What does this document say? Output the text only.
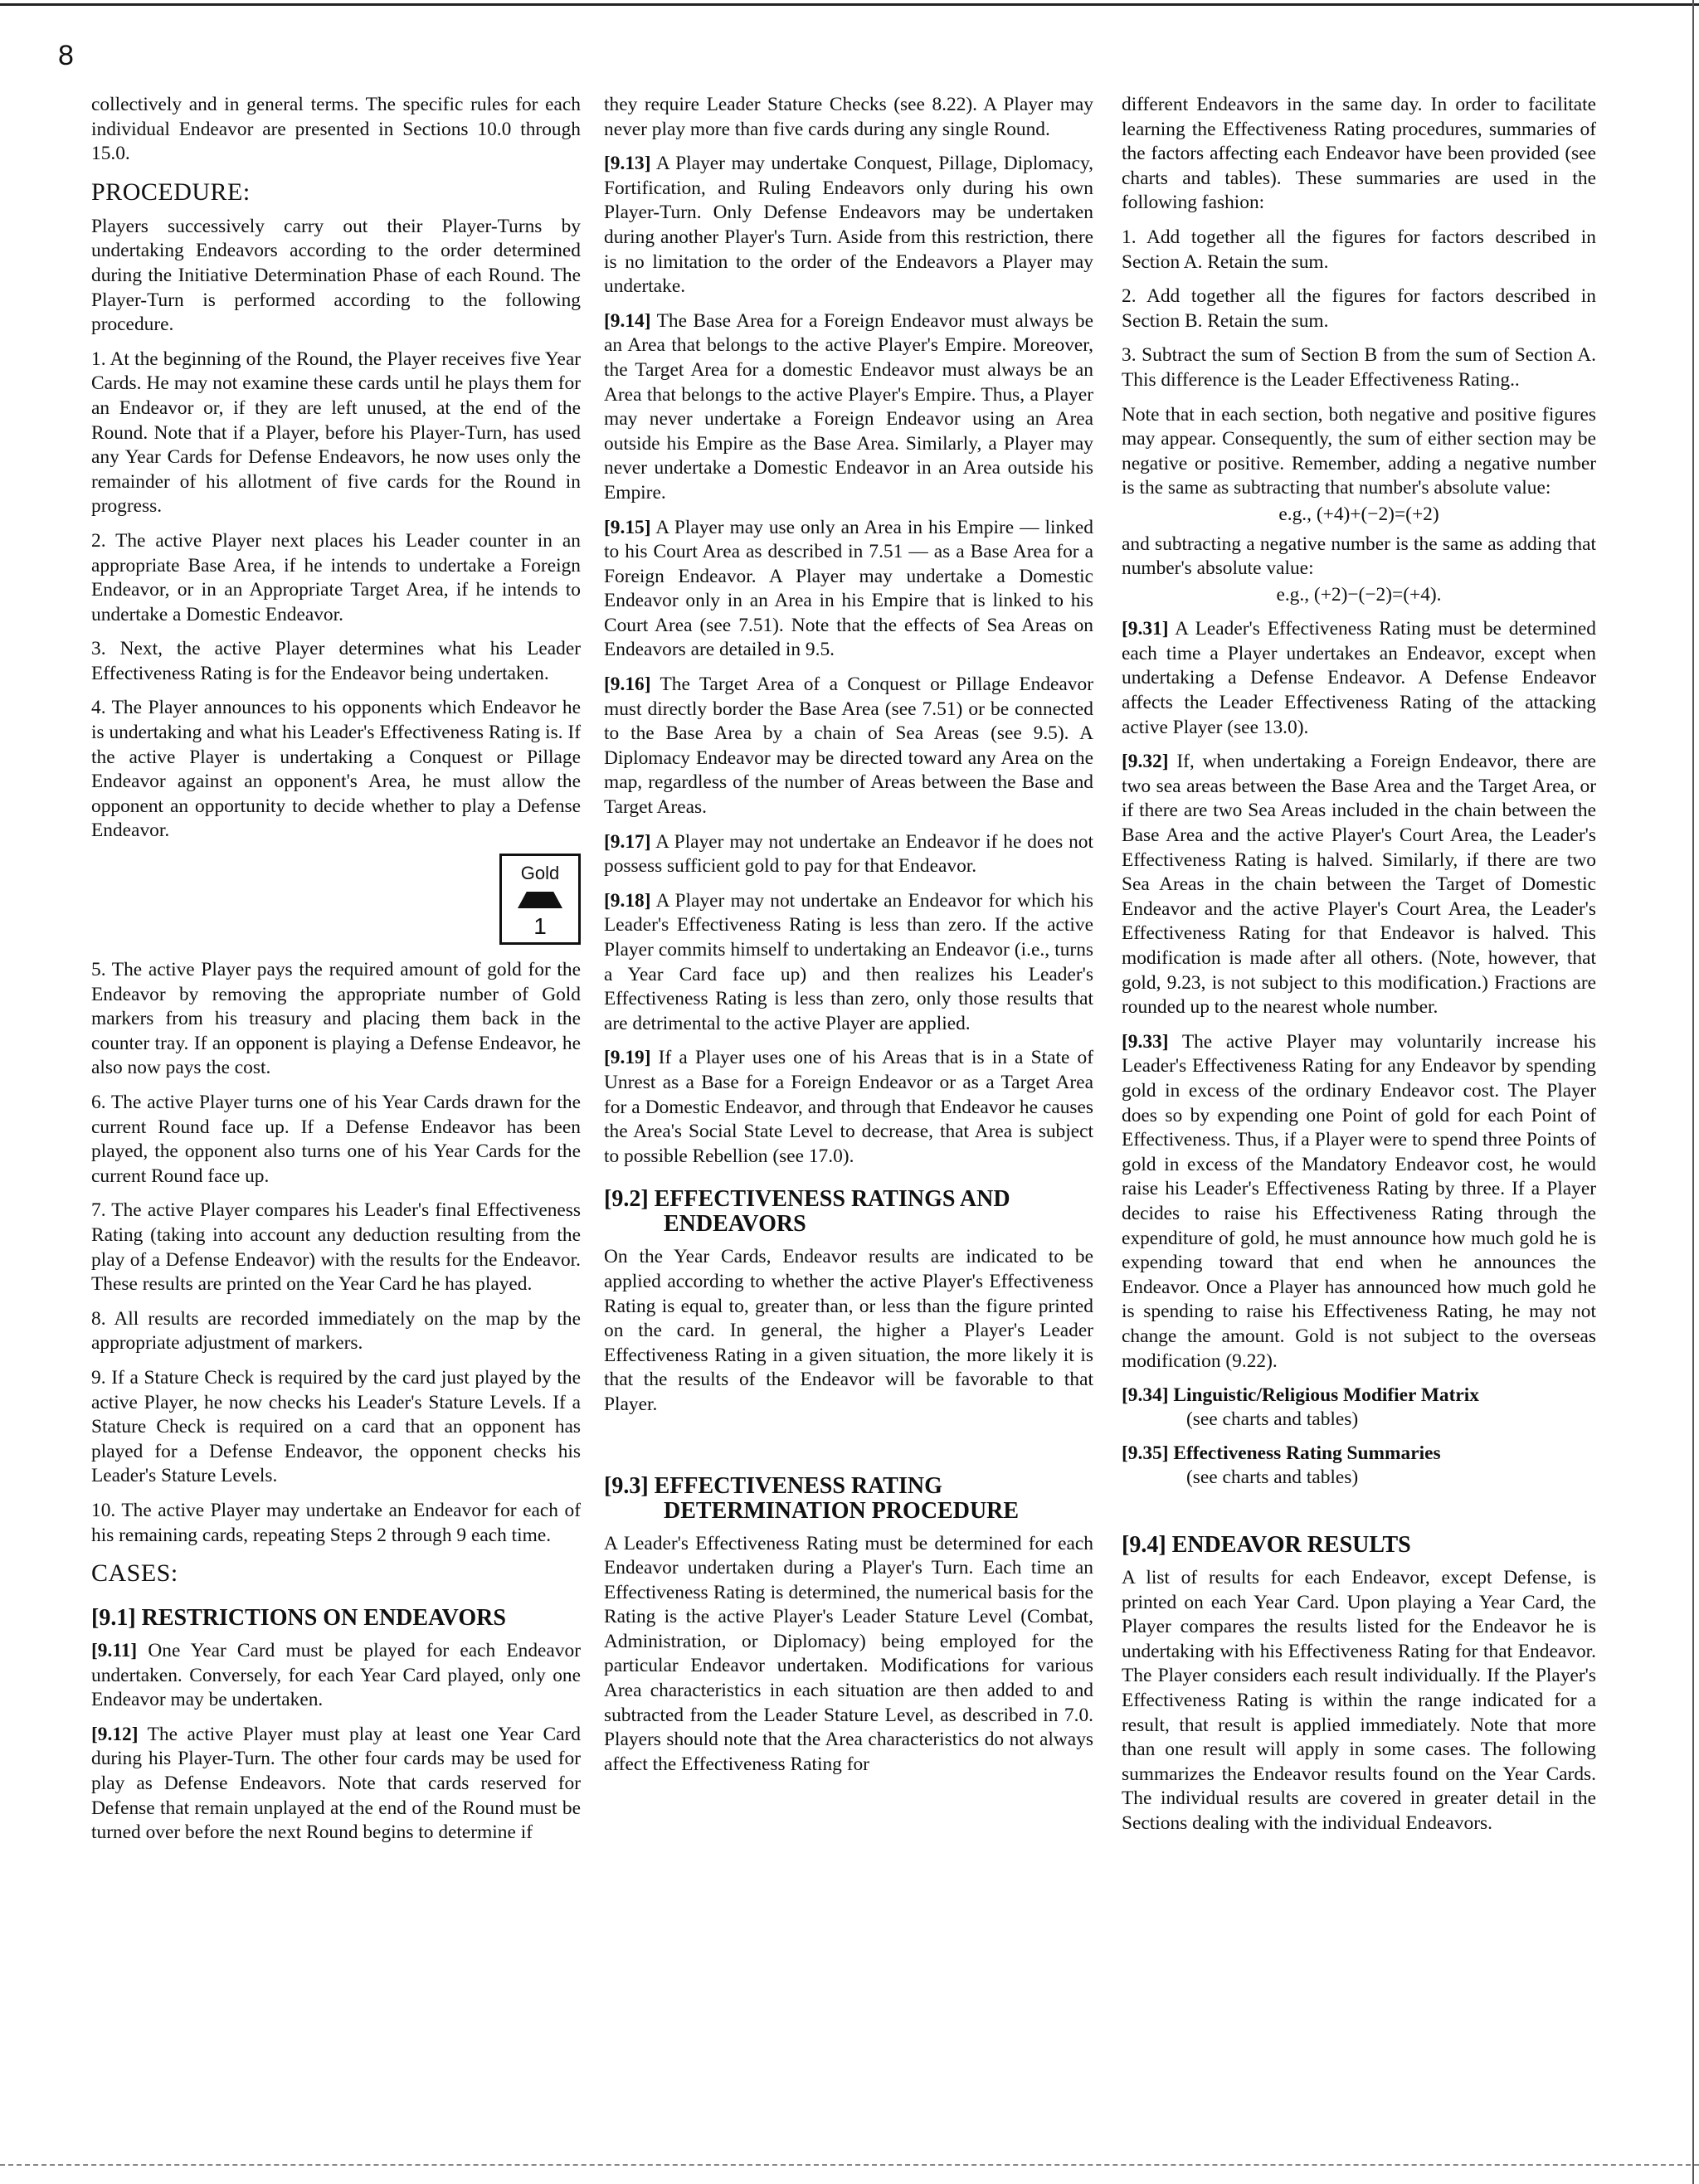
8

collectively and in general terms. The specific rules for each individual Endeavor are presented in Sections 10.0 through 15.0.

PROCEDURE:

Players successively carry out their Player-Turns by undertaking Endeavors according to the order determined during the Initiative Determination Phase of each Round. The Player-Turn is performed according to the following procedure.

1. At the beginning of the Round, the Player receives five Year Cards. He may not examine these cards until he plays them for an Endeavor or, if they are left unused, at the end of the Round. Note that if a Player, before his Player-Turn, has used any Year Cards for Defense Endeavors, he now uses only the remainder of his allotment of five cards for the Round in progress.

2. The active Player next places his Leader counter in an appropriate Base Area, if he intends to undertake a Foreign Endeavor, or in an Appropriate Target Area, if he intends to undertake a Domestic Endeavor.

3. Next, the active Player determines what his Leader Effectiveness Rating is for the Endeavor being undertaken.

4. The Player announces to his opponents which Endeavor he is undertaking and what his Leader's Effectiveness Rating is. If the active Player is undertaking a Conquest or Pillage Endeavor against an opponent's Area, he must allow the opponent an opportunity to decide whether to play a Defense Endeavor.

Gold
1

5. The active Player pays the required amount of gold for the Endeavor by removing the appropriate number of Gold markers from his treasury and placing them back in the counter tray. If an opponent is playing a Defense Endeavor, he also now pays the cost.

6. The active Player turns one of his Year Cards drawn for the current Round face up. If a Defense Endeavor has been played, the opponent also turns one of his Year Cards for the current Round face up.

7. The active Player compares his Leader's final Effectiveness Rating (taking into account any deduction resulting from the play of a Defense Endeavor) with the results for the Endeavor. These results are printed on the Year Card he has played.

8. All results are recorded immediately on the map by the appropriate adjustment of markers.

9. If a Stature Check is required by the card just played by the active Player, he now checks his Leader's Stature Levels. If a Stature Check is required on a card that an opponent has played for a Defense Endeavor, the opponent checks his Leader's Stature Levels.

10. The active Player may undertake an Endeavor for each of his remaining cards, repeating Steps 2 through 9 each time.

CASES:
[9.1] RESTRICTIONS ON ENDEAVORS

[9.11] One Year Card must be played for each Endeavor undertaken. Conversely, for each Year Card played, only one Endeavor may be undertaken.

[9.12] The active Player must play at least one Year Card during his Player-Turn. The other four cards may be used for play as Defense Endeavors. Note that cards reserved for Defense that remain unplayed at the end of the Round must be turned over before the next Round begins to determine if

they require Leader Stature Checks (see 8.22). A Player may never play more than five cards during any single Round.

[9.13] A Player may undertake Conquest, Pillage, Diplomacy, Fortification, and Ruling Endeavors only during his own Player-Turn. Only Defense Endeavors may be undertaken during another Player's Turn. Aside from this restriction, there is no limitation to the order of the Endeavors a Player may undertake.

[9.14] The Base Area for a Foreign Endeavor must always be an Area that belongs to the active Player's Empire. Moreover, the Target Area for a domestic Endeavor must always be an Area that belongs to the active Player's Empire. Thus, a Player may never undertake a Foreign Endeavor using an Area outside his Empire as the Base Area. Similarly, a Player may never undertake a Domestic Endeavor in an Area outside his Empire.

[9.15] A Player may use only an Area in his Empire — linked to his Court Area as described in 7.51 — as a Base Area for a Foreign Endeavor. A Player may undertake a Domestic Endeavor only in an Area in his Empire that is linked to his Court Area (see 7.51). Note that the effects of Sea Areas on Endeavors are detailed in 9.5.

[9.16] The Target Area of a Conquest or Pillage Endeavor must directly border the Base Area (see 7.51) or be connected to the Base Area by a chain of Sea Areas (see 9.5). A Diplomacy Endeavor may be directed toward any Area on the map, regardless of the number of Areas between the Base and Target Areas.

[9.17] A Player may not undertake an Endeavor if he does not possess sufficient gold to pay for that Endeavor.

[9.18] A Player may not undertake an Endeavor for which his Leader's Effectiveness Rating is less than zero. If the active Player commits himself to undertaking an Endeavor (i.e., turns a Year Card face up) and then realizes his Leader's Effectiveness Rating is less than zero, only those results that are detrimental to the active Player are applied.

[9.19] If a Player uses one of his Areas that is in a State of Unrest as a Base for a Foreign Endeavor or as a Target Area for a Domestic Endeavor, and through that Endeavor he causes the Area's Social State Level to decrease, that Area is subject to possible Rebellion (see 17.0).

[9.2] EFFECTIVENESS RATINGS AND ENDEAVORS

On the Year Cards, Endeavor results are indicated to be applied according to whether the active Player's Effectiveness Rating is equal to, greater than, or less than the figure printed on the card. In general, the higher a Player's Leader Effectiveness Rating in a given situation, the more likely it is that the results of the Endeavor will be favorable to that Player.

[9.3] EFFECTIVENESS RATING DETERMINATION PROCEDURE

A Leader's Effectiveness Rating must be determined for each Endeavor undertaken during a Player's Turn. Each time an Effectiveness Rating is determined, the numerical basis for the Rating is the active Player's Leader Stature Level (Combat, Administration, or Diplomacy) being employed for the particular Endeavor undertaken. Modifications for various Area characteristics in each situation are then added to and subtracted from the Leader Stature Level, as described in 7.0. Players should note that the Area characteristics do not always affect the Effectiveness Rating for

different Endeavors in the same day. In order to facilitate learning the Effectiveness Rating procedures, summaries of the factors affecting each Endeavor have been provided (see charts and tables). These summaries are used in the following fashion:

1. Add together all the figures for factors described in Section A. Retain the sum.

2. Add together all the figures for factors described in Section B. Retain the sum.

3. Subtract the sum of Section B from the sum of Section A. This difference is the Leader Effectiveness Rating..

Note that in each section, both negative and positive figures may appear. Consequently, the sum of either section may be negative or positive. Remember, adding a negative number is the same as subtracting that number's absolute value:

e.g., (+4)+(−2)=(+2)

and subtracting a negative number is the same as adding that number's absolute value:

e.g., (+2)−(−2)=(+4).

[9.31] A Leader's Effectiveness Rating must be determined each time a Player undertakes an Endeavor, except when undertaking a Defense Endeavor. A Defense Endeavor affects the Leader Effectiveness Rating of the attacking active Player (see 13.0).

[9.32] If, when undertaking a Foreign Endeavor, there are two sea areas between the Base Area and the Target Area, or if there are two Sea Areas included in the chain between the Base Area and the active Player's Court Area, the Leader's Effectiveness Rating is halved. Similarly, if there are two Sea Areas in the chain between the Target of Domestic Endeavor and the active Player's Court Area, the Leader's Effectiveness Rating for that Endeavor is halved. This modification is made after all others. (Note, however, that gold, 9.23, is not subject to this modification.) Fractions are rounded up to the nearest whole number.

[9.33] The active Player may voluntarily increase his Leader's Effectiveness Rating for any Endeavor by spending gold in excess of the ordinary Endeavor cost. The Player does so by expending one Point of gold for each Point of Effectiveness. Thus, if a Player were to spend three Points of gold in excess of the Mandatory Endeavor cost, he would raise his Leader's Effectiveness Rating by three. If a Player decides to raise his Effectiveness Rating through the expenditure of gold, he must announce how much gold he is expending toward that end when he announces the Endeavor. Once a Player has announced how much gold he is spending to raise his Effectiveness Rating, he may not change the amount. Gold is not subject to the overseas modification (9.22).

[9.34] Linguistic/Religious Modifier Matrix
(see charts and tables)
[9.35] Effectiveness Rating Summaries
(see charts and tables)
[9.4] ENDEAVOR RESULTS

A list of results for each Endeavor, except Defense, is printed on each Year Card. Upon playing a Year Card, the Player compares the results listed for the Endeavor he is undertaking with his Effectiveness Rating for that Endeavor. The Player considers each result individually. If the Player's Effectiveness Rating is within the range indicated for a result, that result is applied immediately. Note that more than one result will apply in some cases. The following summarizes the Endeavor results found on the Year Cards. The individual results are covered in greater detail in the Sections dealing with the individual Endeavors.
